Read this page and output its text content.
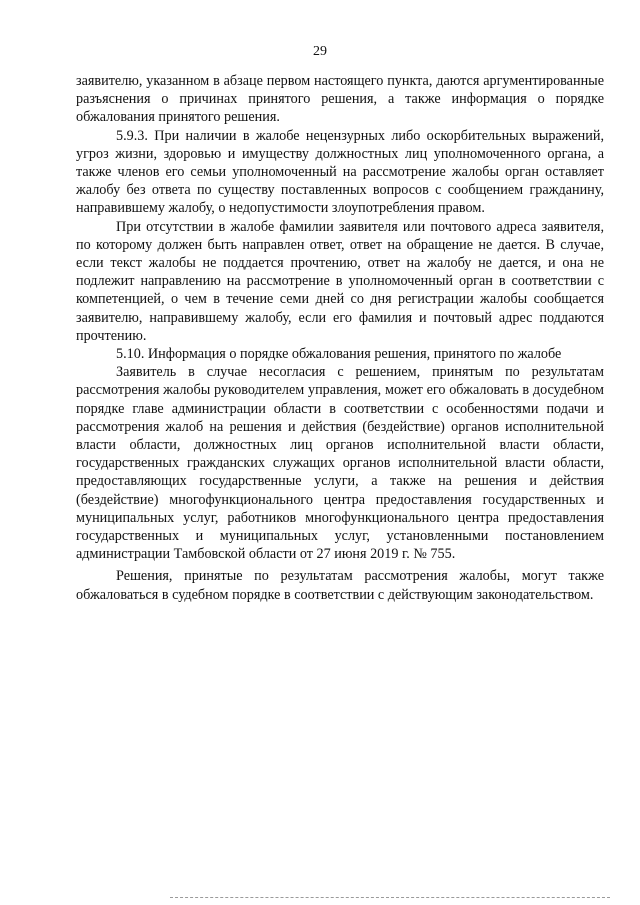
29

заявителю, указанном в абзаце первом настоящего пункта, даются аргументированные разъяснения о причинах принятого решения, а также информация о порядке обжалования принятого решения.

5.9.3. При наличии в жалобе нецензурных либо оскорбительных выражений, угроз жизни, здоровью и имуществу должностных лиц уполномоченного органа, а также членов его семьи уполномоченный на рассмотрение жалобы орган оставляет жалобу без ответа по существу поставленных вопросов с сообщением гражданину, направившему жалобу, о недопустимости злоупотребления правом.

При отсутствии в жалобе фамилии заявителя или почтового адреса заявителя, по которому должен быть направлен ответ, ответ на обращение не дается. В случае, если текст жалобы не поддается прочтению, ответ на жалобу не дается, и она не подлежит направлению на рассмотрение в уполномоченный орган в соответствии с компетенцией, о чем в течение семи дней со дня регистрации жалобы сообщается заявителю, направившему жалобу, если его фамилия и почтовый адрес поддаются прочтению.

5.10. Информация о порядке обжалования решения, принятого по жалобе

Заявитель в случае несогласия с решением, принятым по результатам рассмотрения жалобы руководителем управления, может его обжаловать в досудебном порядке главе администрации области в соответствии с особенностями подачи и рассмотрения жалоб на решения и действия (бездействие) органов исполнительной власти области, должностных лиц органов исполнительной власти области, государственных гражданских служащих органов исполнительной власти области, предоставляющих государственные услуги, а также на решения и действия (бездействие) многофункционального центра предоставления государственных и муниципальных услуг, работников многофункционального центра предоставления государственных и муниципальных услуг, установленными постановлением администрации Тамбовской области от 27 июня 2019 г. № 755.

Решения, принятые по результатам рассмотрения жалобы, могут также обжаловаться в судебном порядке в соответствии с действующим законодательством.
